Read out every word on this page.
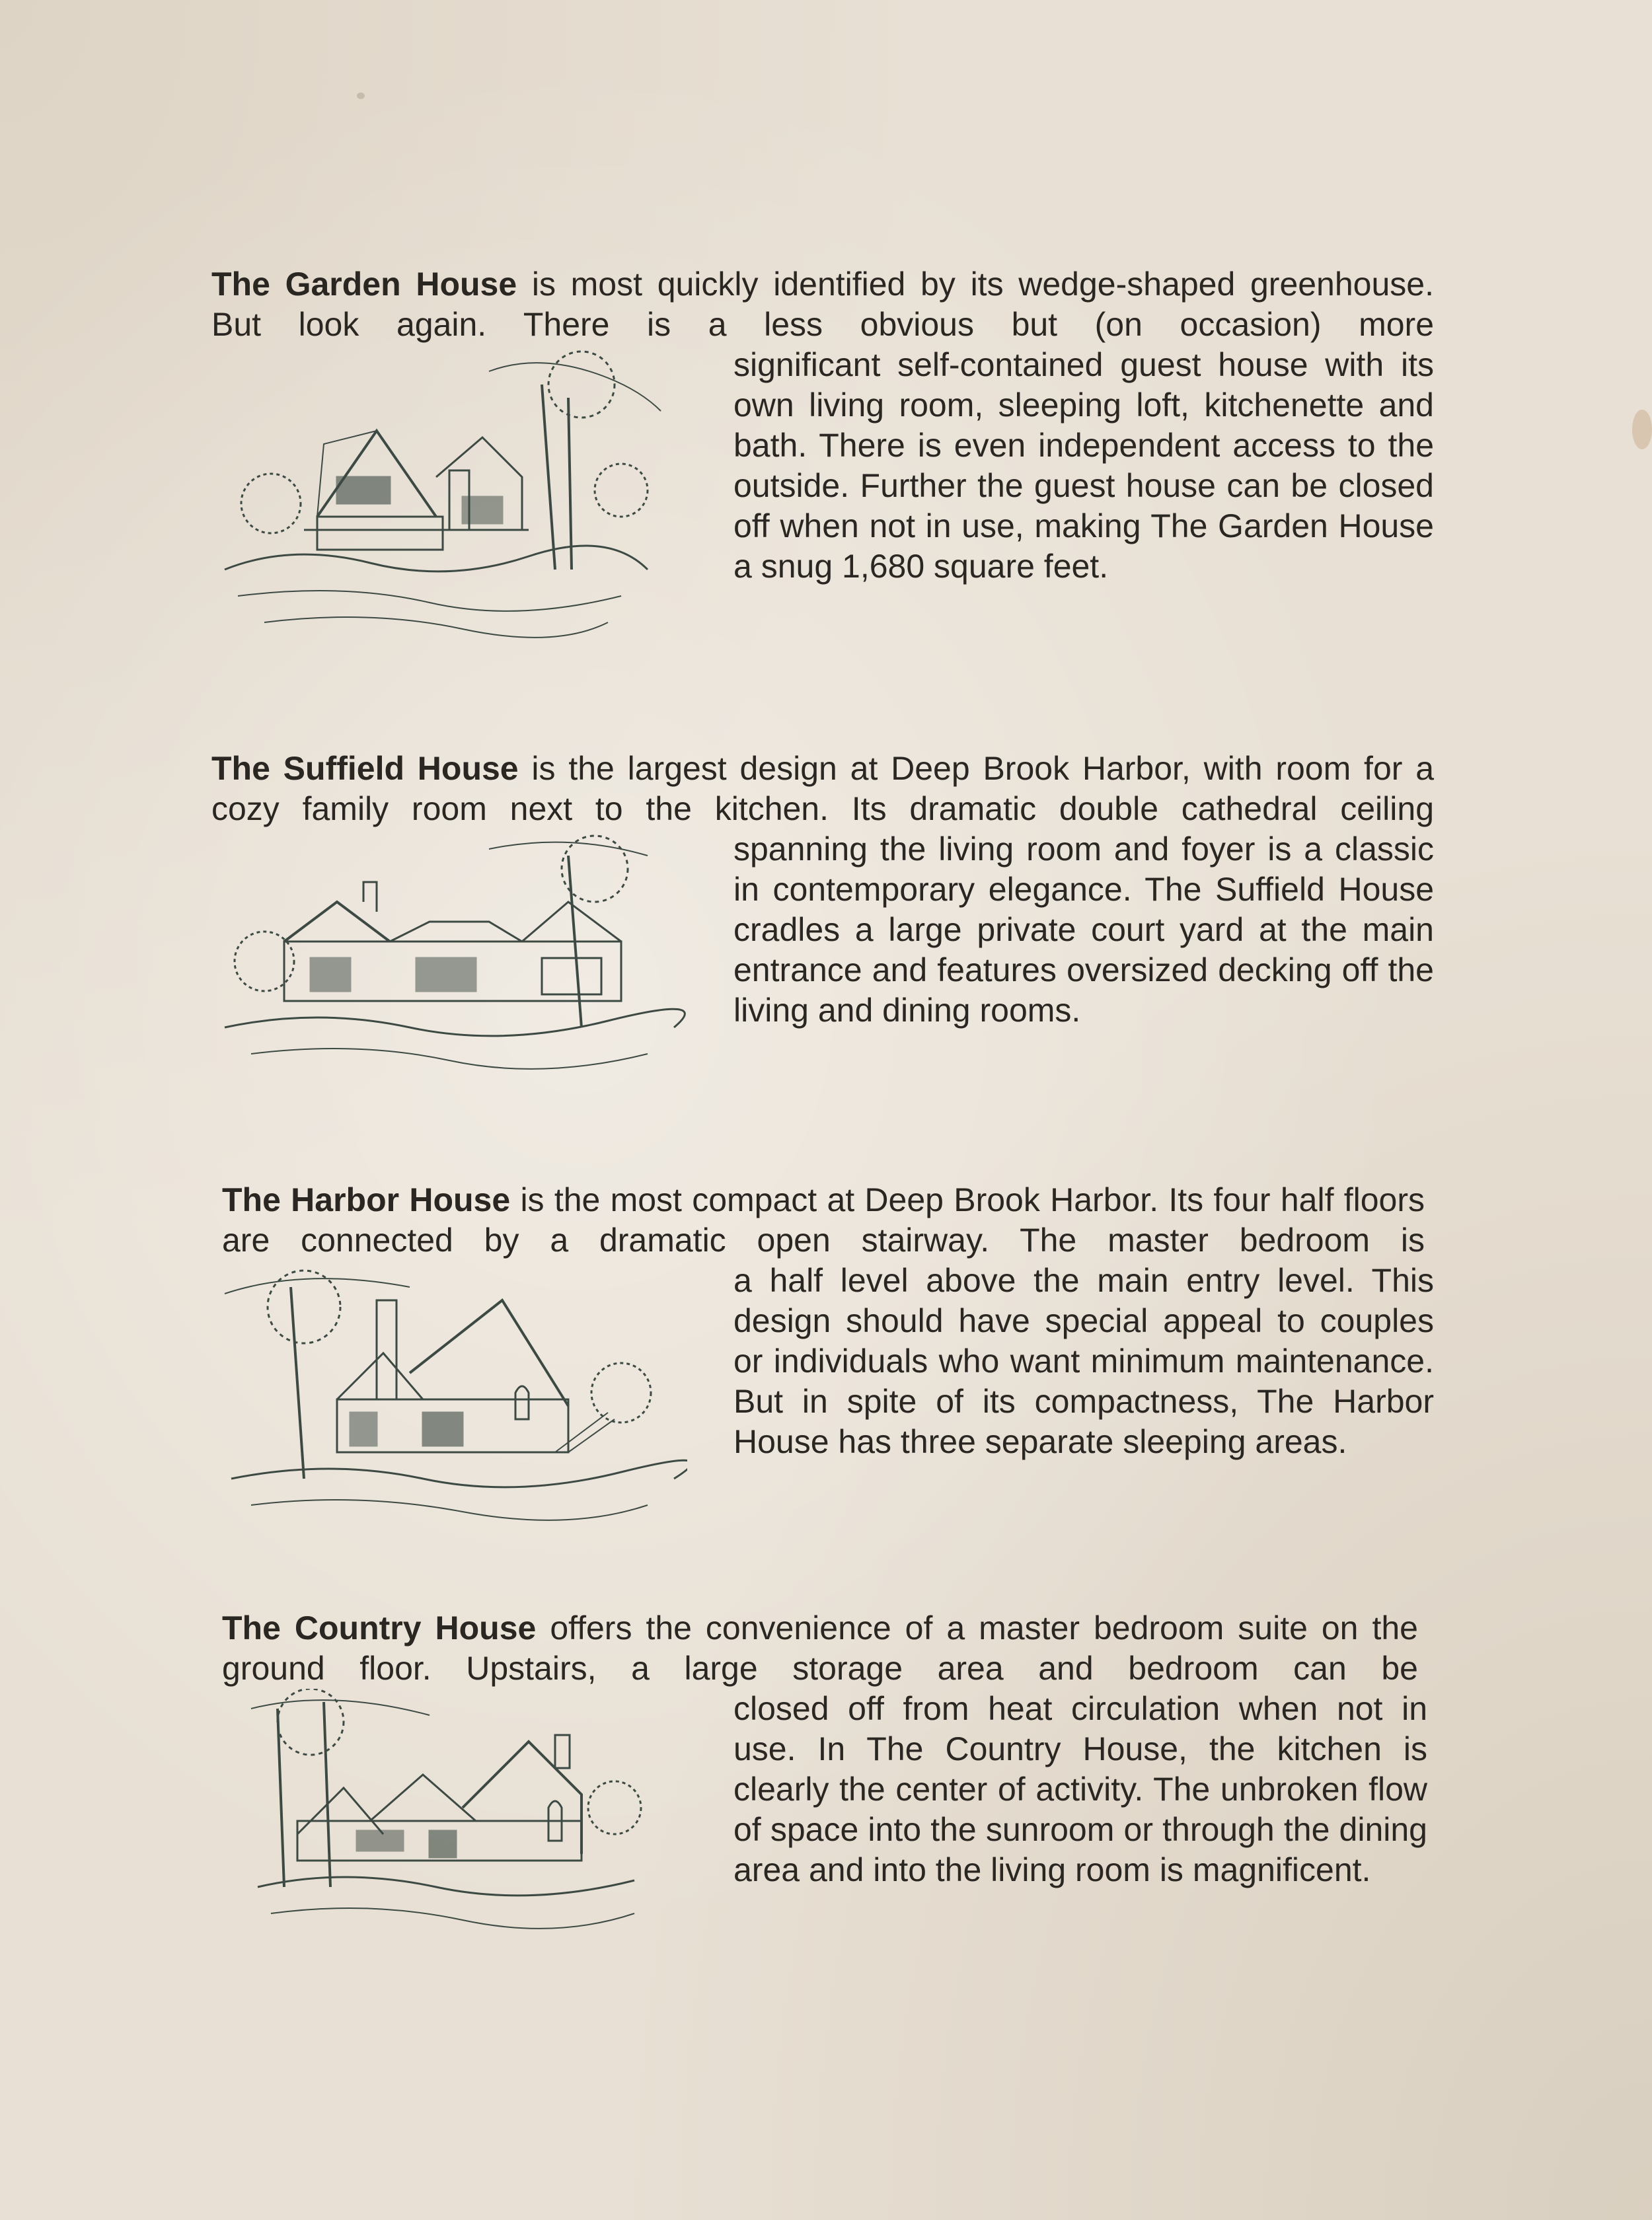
The Garden House is most quickly identified by its wedge-shaped greenhouse. But look again. There is a less obvious but (on occasion) more

significant self-contained guest house with its own living room, sleeping loft, kitchenette and bath. There is even independent access to the outside. Further the guest house can be closed off when not in use, making The Garden House a snug 1,680 square feet.

The Suffield House is the largest design at Deep Brook Harbor, with room for a cozy family room next to the kitchen. Its dramatic double cathedral ceiling

spanning the living room and foyer is a classic in contemporary elegance. The Suffield House cradles a large private court yard at the main entrance and features oversized decking off the living and dining rooms.

The Harbor House is the most compact at Deep Brook Harbor. Its four half floors are connected by a dramatic open stairway. The master bedroom is

a half level above the main entry level. This design should have special appeal to couples or individuals who want minimum maintenance. But in spite of its compactness, The Harbor House has three separate sleeping areas.

The Country House offers the convenience of a master bedroom suite on the ground floor. Upstairs, a large storage area and bedroom can be

closed off from heat circulation when not in use. In The Country House, the kitchen is clearly the center of activity. The unbroken flow of space into the sunroom or through the dining area and into the living room is magnificent.
